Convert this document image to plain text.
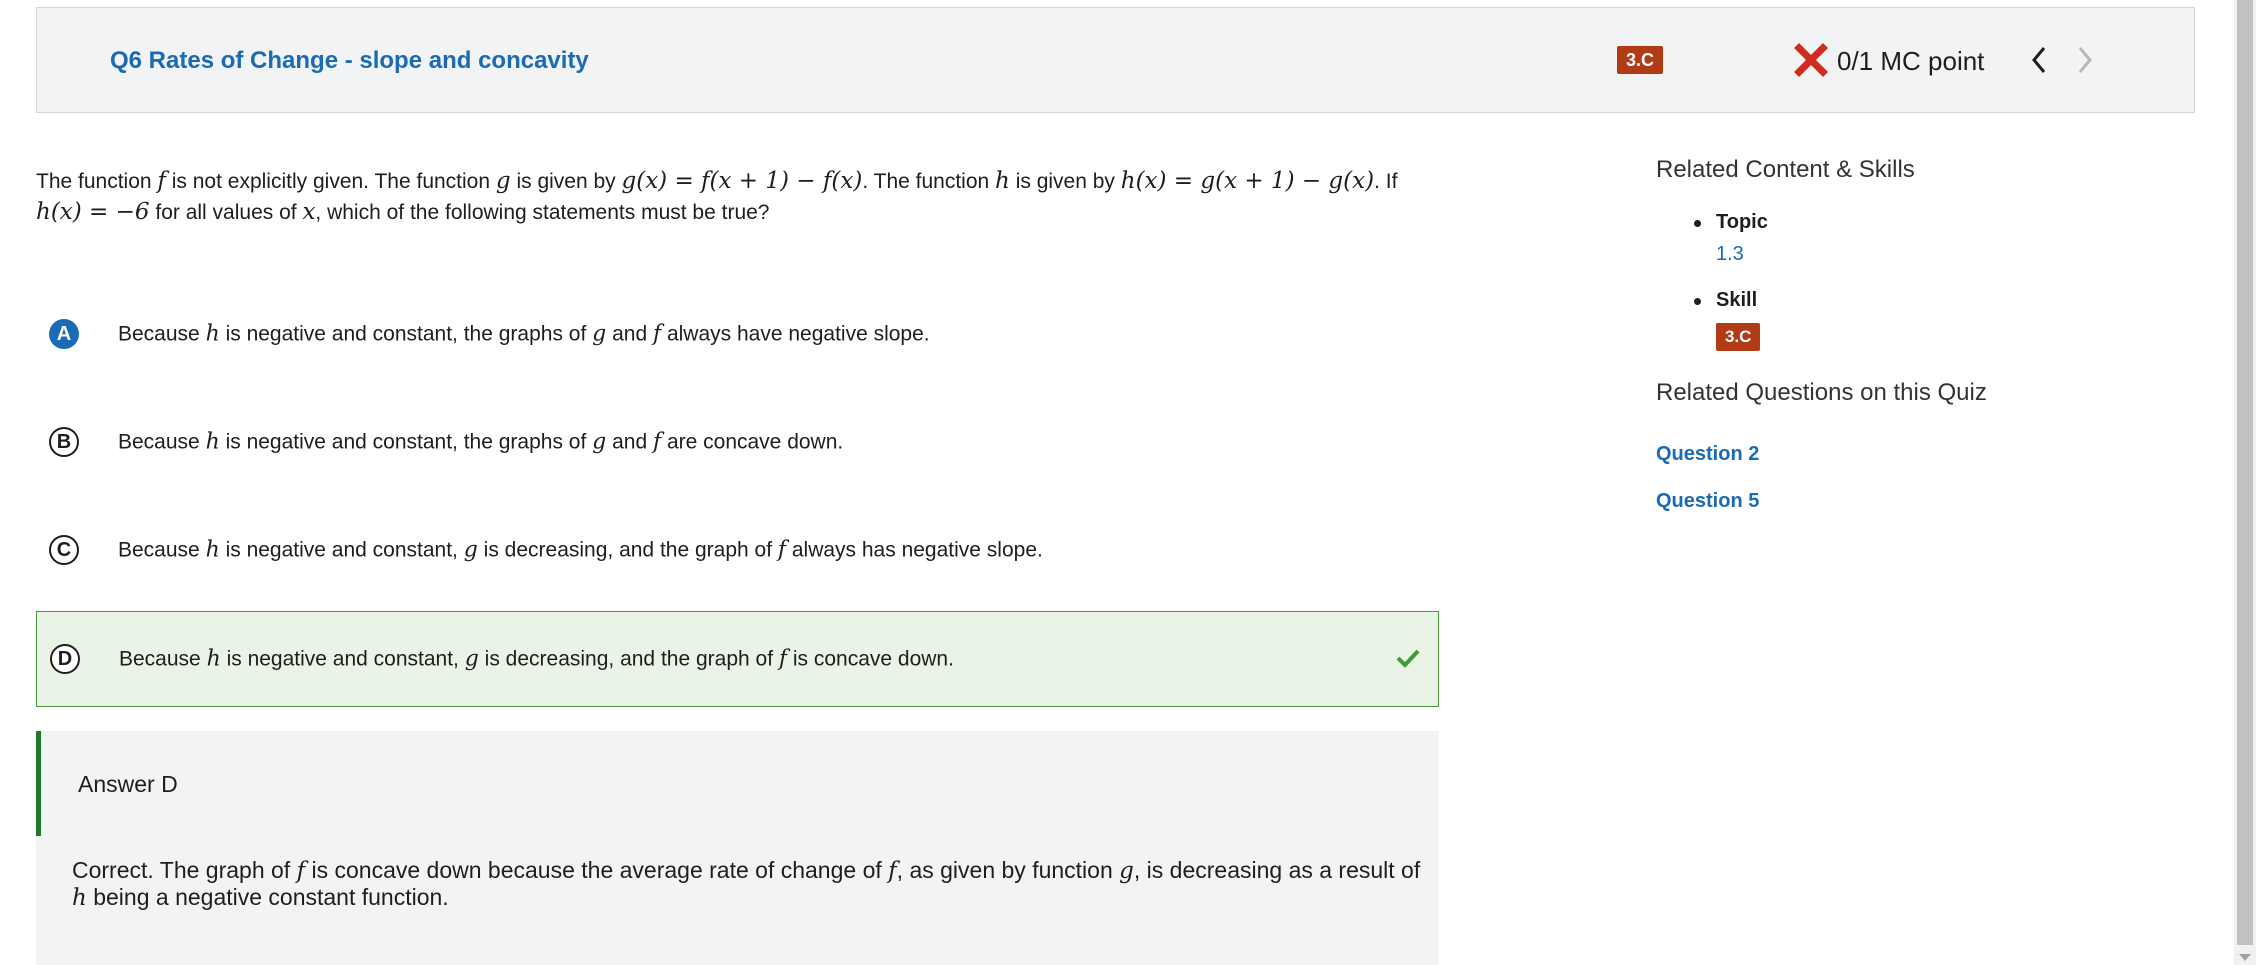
Q6 Rates of Change - slope and concavity	3.C	0/1 MC point
The function f is not explicitly given. The function g is given by g(x) = f(x + 1) − f(x). The function h is given by h(x) = g(x + 1) − g(x). If h(x) = −6 for all values of x, which of the following statements must be true?
A	Because h is negative and constant, the graphs of g and f always have negative slope.
B	Because h is negative and constant, the graphs of g and f are concave down.
C	Because h is negative and constant, g is decreasing, and the graph of f always has negative slope.
D	Because h is negative and constant, g is decreasing, and the graph of f is concave down.
Answer D
Correct. The graph of f is concave down because the average rate of change of f, as given by function g, is decreasing as a result of h being a negative constant function.
Related Content & Skills
Topic
1.3
Skill
3.C
Related Questions on this Quiz
Question 2
Question 5
